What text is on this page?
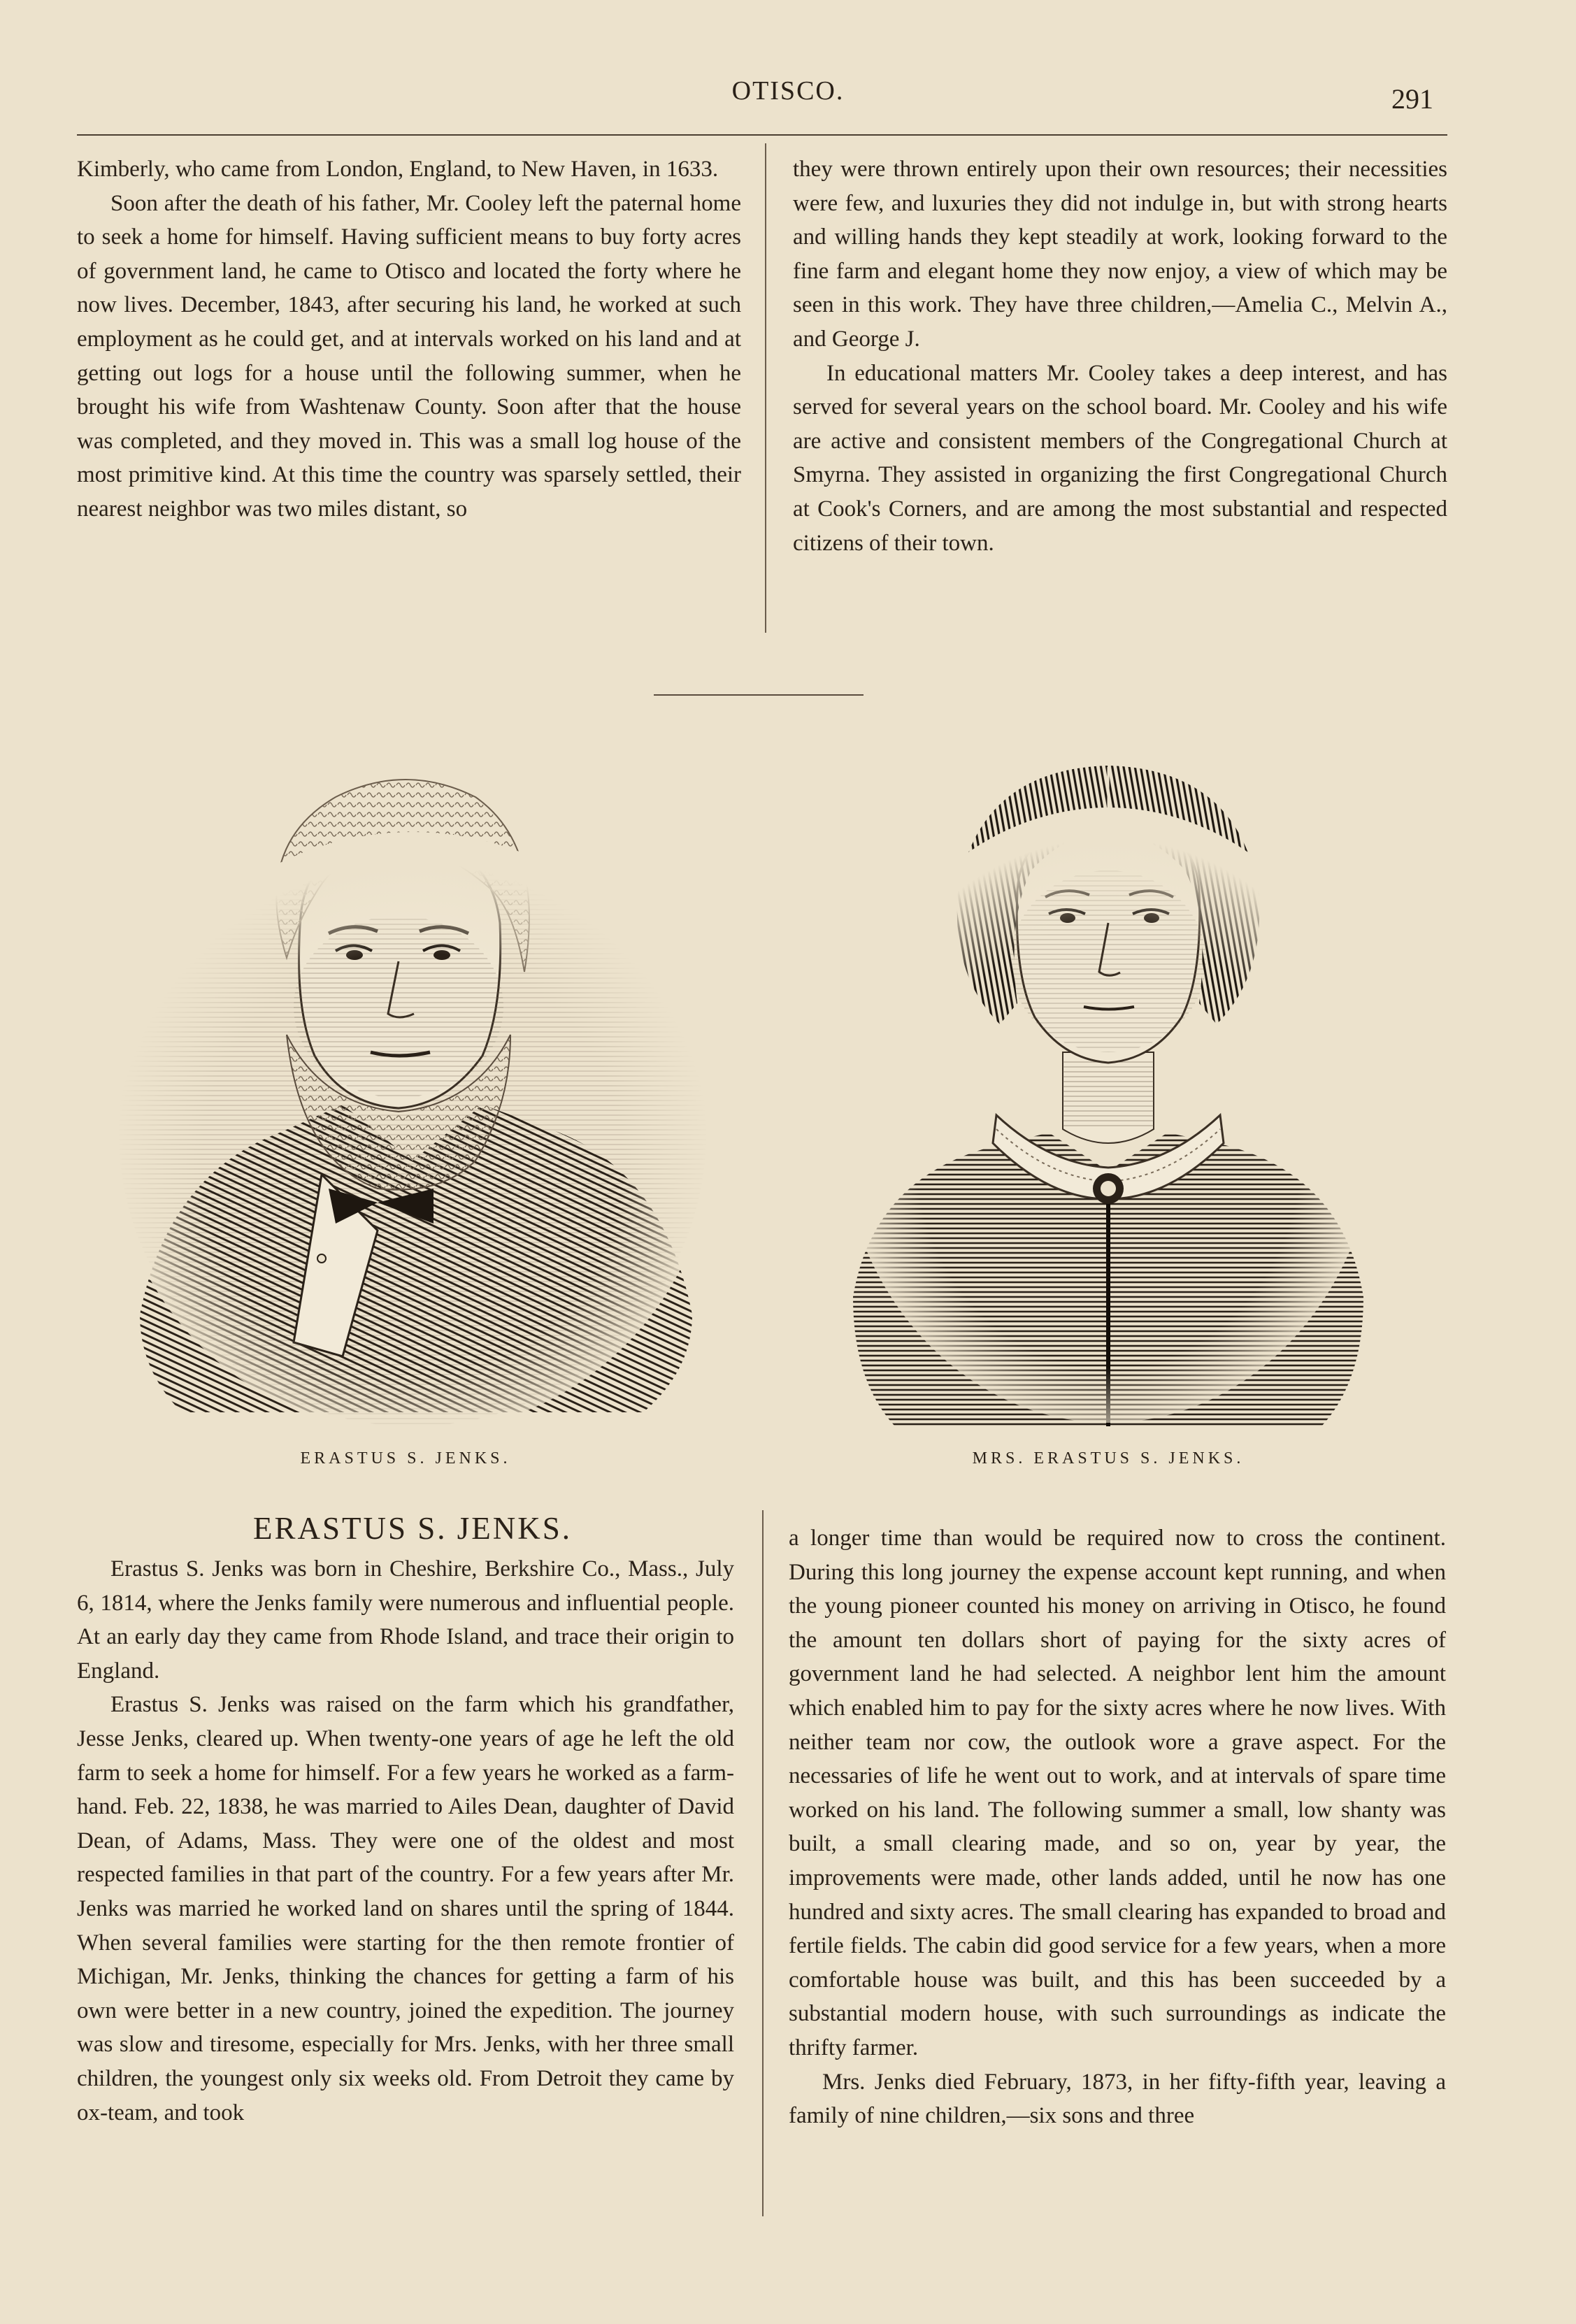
OTISCO.	291

Kimberly, who came from London, England, to New Haven, in 1633.

Soon after the death of his father, Mr. Cooley left the paternal home to seek a home for himself. Having sufficient means to buy forty acres of government land, he came to Otisco and located the forty where he now lives. December, 1843, after securing his land, he worked at such employment as he could get, and at intervals worked on his land and at getting out logs for a house until the following summer, when he brought his wife from Washtenaw County. Soon after that the house was completed, and they moved in. This was a small log house of the most primitive kind. At this time the country was sparsely settled, their nearest neighbor was two miles distant, so

they were thrown entirely upon their own resources; their necessities were few, and luxuries they did not indulge in, but with strong hearts and willing hands they kept steadily at work, looking forward to the fine farm and elegant home they now enjoy, a view of which may be seen in this work. They have three children,—Amelia C., Melvin A., and George J.

In educational matters Mr. Cooley takes a deep interest, and has served for several years on the school board. Mr. Cooley and his wife are active and consistent members of the Congregational Church at Smyrna. They assisted in organizing the first Congregational Church at Cook's Corners, and are among the most substantial and respected citizens of their town.

ERASTUS S. JENKS.	MRS. ERASTUS S. JENKS.
ERASTUS S. JENKS.

Erastus S. Jenks was born in Cheshire, Berkshire Co., Mass., July 6, 1814, where the Jenks family were numerous and influential people. At an early day they came from Rhode Island, and trace their origin to England.

Erastus S. Jenks was raised on the farm which his grandfather, Jesse Jenks, cleared up. When twenty-one years of age he left the old farm to seek a home for himself. For a few years he worked as a farm-hand. Feb. 22, 1838, he was married to Ailes Dean, daughter of David Dean, of Adams, Mass. They were one of the oldest and most respected families in that part of the country. For a few years after Mr. Jenks was married he worked land on shares until the spring of 1844. When several families were starting for the then remote frontier of Michigan, Mr. Jenks, thinking the chances for getting a farm of his own were better in a new country, joined the expedition. The journey was slow and tiresome, especially for Mrs. Jenks, with her three small children, the youngest only six weeks old. From Detroit they came by ox-team, and took

a longer time than would be required now to cross the continent. During this long journey the expense account kept running, and when the young pioneer counted his money on arriving in Otisco, he found the amount ten dollars short of paying for the sixty acres of government land he had selected. A neighbor lent him the amount which enabled him to pay for the sixty acres where he now lives. With neither team nor cow, the outlook wore a grave aspect. For the necessaries of life he went out to work, and at intervals of spare time worked on his land. The following summer a small, low shanty was built, a small clearing made, and so on, year by year, the improvements were made, other lands added, until he now has one hundred and sixty acres. The small clearing has expanded to broad and fertile fields. The cabin did good service for a few years, when a more comfortable house was built, and this has been succeeded by a substantial modern house, with such surroundings as indicate the thrifty farmer.

Mrs. Jenks died February, 1873, in her fifty-fifth year, leaving a family of nine children,—six sons and three
